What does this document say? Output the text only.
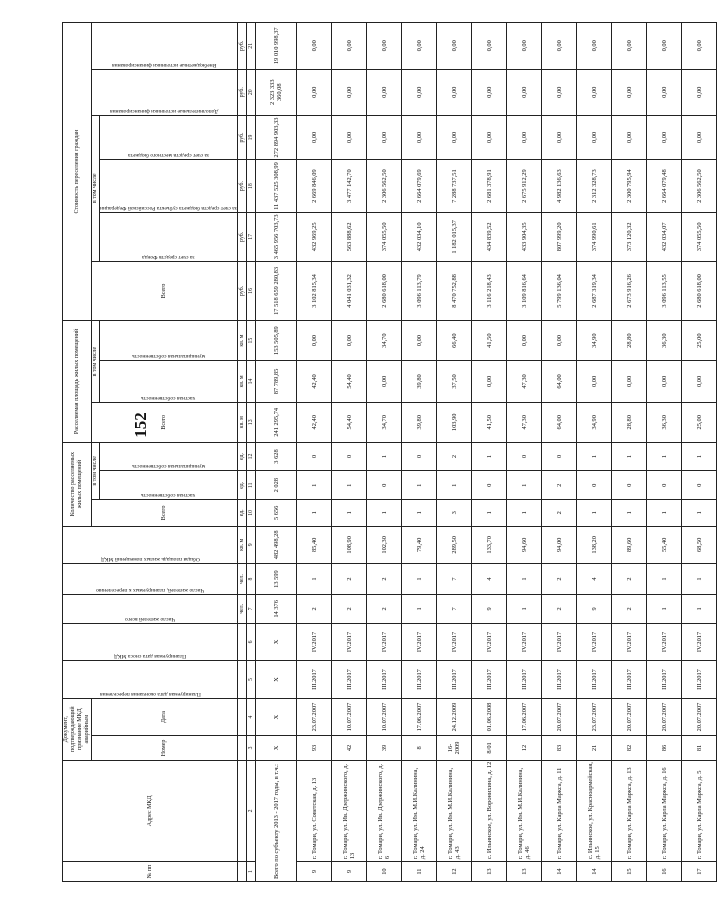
152
№ пп	Адрес МКД	Документ, подтверждающий признание МКД аварийным		Планируемая дата окончания переселения	Планируемая дата сноса МКД	Число жителей всего	Число жителей, планируемых к переселению	Общая площадь жилых помещений МКД	Количество расселяемых жилых помещений			Расселяемая площадь жилых помещений			Стоимость переселения граждан					
		Номер	Дата						Всего	в том числе		Всего	в том числе		Всего	в том числе			Дополнительные источники финансирования	Внебюджетные источники финансирования

										частная собственность	муниципальная собственность		частная собственность	муниципальная собственность		за счет средств Фонда	за счет средств бюджета субъекта Российской Федерации	за счет средств местного бюджета		

						чел.	чел.	кв. м	ед.	ед.	ед.	кв. м	кв. м	кв. м	руб.	руб.	руб.	руб.	руб.	руб.
1	2	3	4	5	6	7	8	9	10	11	12	13	14	15	16	17	18	19	20	21
Всего по субъекту 2013 - 2017 годы, в т.ч.:		X	X	X	X	14 376	13 599	482 498,28	5 656	2 028	3 628	241 295,74	87 789,85	153 505,89	17 518 659 280,83	3 465 956 703,73	11 437 525 308,99	272 894 903,33	2 323 333 360,08	19 010 998,37
9	г. Томари, ул. Советская, д. 13	93	23.07.2007	III.2017	IV.2017	2	1	85,40	1	1	0	42,40	42,40	0,00	3 102 815,34	432 969,25	2 669 846,09	0,00	0,00	0,00
9	г. Томари, ул. Ив. Дзержинского, д. 13	42	10.07.2007	III.2017	IV.2017	2	2	108,90	1	1	0	54,40	54,40	0,00	4 041 031,32	563 888,62	3 477 142,70	0,00	0,00	0,00
10	г. Томари, ул. Ив. Дзержинского, д. 6	39	10.07.2007	III.2017	IV.2017	2	2	102,30	1	0	1	34,70	0,00	34,70	2 680 618,00	374 055,50	2 306 562,50	0,00	0,00	0,00
11	г. Томари, ул. Им. М.И.Калинина, д. 24	8	17.06.2007	III.2017	IV.2017	1	1	79,40	1	1	0	39,80	39,80	0,00	3 096 113,79	432 034,10	2 664 079,69	0,00	0,00	0,00
12	г. Томари, ул. Им. М.И.Калинина, д. 43	16-2009	24.12.2009	III.2017	IV.2017	7	7	289,50	3	1	2	103,90	37,50	66,40	8 470 752,88	1 182 015,37	7 288 737,51	0,00	0,00	0,00
13	с. Ильинское, ул. Воронихина, д. 12	8/01	01.06.2008	III.2017	IV.2017	9	4	133,70	1	0	1	41,50	0,00	41,50	3 116 218,43	434 839,52	2 681 378,91	0,00	0,00	0,00
13	г. Томари, ул. Им. М.И.Калинина, д. 46	12	17.06.2007	III.2017	IV.2017	1	1	94,60	1	1	0	47,30	47,30	0,00	3 109 816,64	433 904,35	2 675 912,29	0,00	0,00	0,00
14	г. Томари, ул. Карла Маркса, д. 11	83	20.07.2007	III.2017	IV.2017	2	2	94,00	2	2	0	64,00	64,00	0,00	5 799 136,04	807 999,20	4 982 136,63	0,00	0,00	0,00
14	с. Ильинское, ул. Красноармейская, д. 15	21	23.07.2007	III.2017	IV.2017	9	4	138,20	1	0	1	34,90	0,00	34,90	2 687 319,34	374 990,61	2 312 328,73	0,00	0,00	0,00
15	г. Томари, ул. Карла Маркса, д. 13	82	20.07.2007	III.2017	IV.2017	2	2	89,60	1	0	1	28,80	0,00	28,80	2 673 916,26	373 120,32	2 300 795,94	0,00	0,00	0,00
16	г. Томари, ул. Карла Маркса, д. 16	86	20.07.2007	III.2017	IV.2017	1	1	55,40	1	0	1	36,30	0,00	36,30	3 096 113,55	432 034,07	2 664 079,48	0,00	0,00	0,00
17	г. Томари, ул. Карла Маркса, д. 5	81	20.07.2007	III.2017	IV.2017	1	1	68,50	1	0	1	25,00	0,00	25,00	2 680 618,00	374 055,50	2 306 562,50	0,00	0,00	0,00
